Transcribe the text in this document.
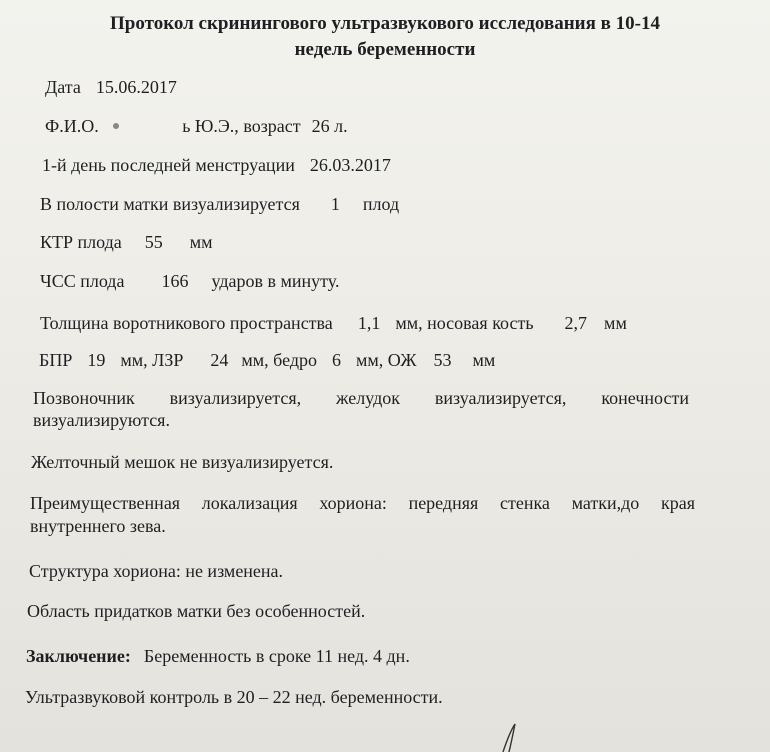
Протокол скринингового ультразвукового исследования в 10-14
недель беременности
Дата 15.06.2017
Ф.И.О.	ь Ю.Э., возраст 26 л.
1-й день последней менструации 26.03.2017
В полости матки визуализируется 1 плод
КТР плода 55 мм
ЧСС плода 166 ударов в минуту.
Толщина воротникового пространства 1,1 мм, носовая кость 2,7 мм
БПР 19 мм, ЛЗР 24 мм, бедро 6 мм, ОЖ 53 мм
Позвоночник визуализируется, желудок визуализируется, конечности
визуализируются.
Желточный мешок не визуализируется.
Преимущественная локализация хориона: передняя стенка матки,до края
внутреннего зева.
Структура хориона: не изменена.
Область придатков матки без особенностей.
Заключение: Беременность в сроке 11 нед. 4 дн.
Ультразвуковой контроль в 20 – 22 нед. беременности.
